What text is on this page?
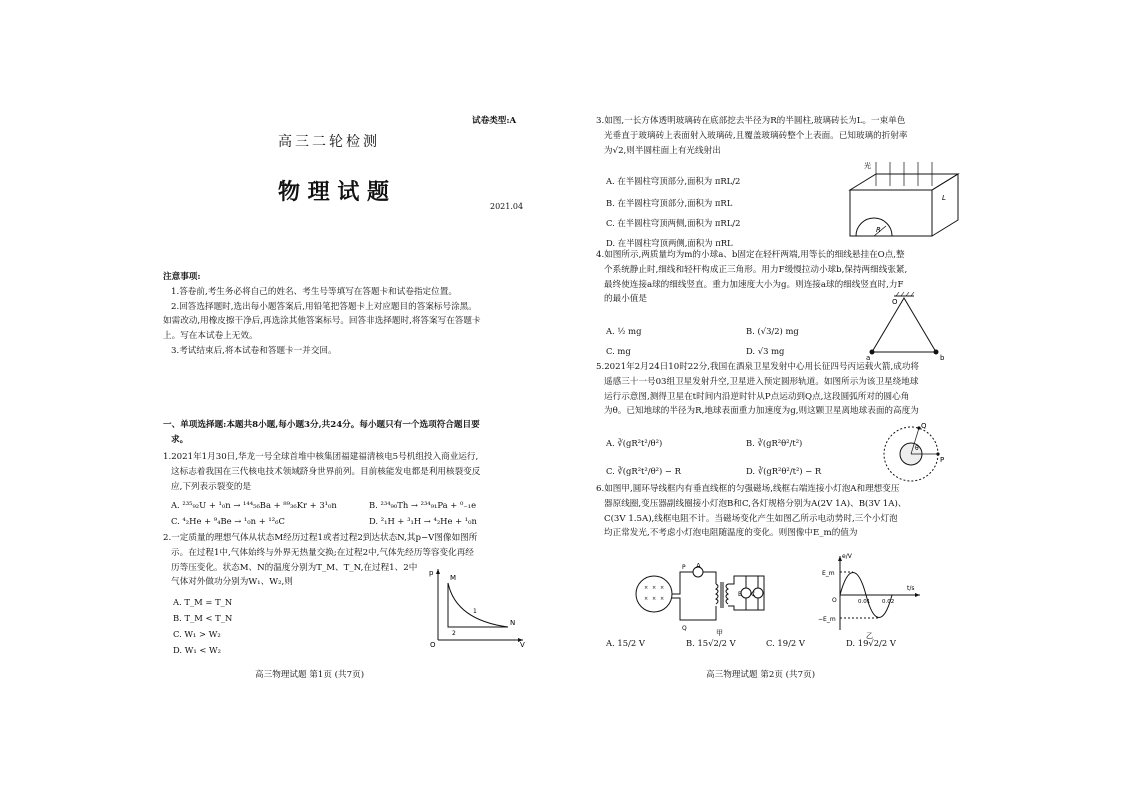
试卷类型:A
高三二轮检测
物 理 试 题
2021.04
注意事项:
1.答卷前,考生务必将自己的姓名、考生号等填写在答题卡和试卷指定位置。
2.回答选择题时,选出每小题答案后,用铅笔把答题卡上对应题目的答案标号涂黑。
如需改动,用橡皮擦干净后,再选涂其他答案标号。回答非选择题时,将答案写在答题卡
上。写在本试卷上无效。
3.考试结束后,将本试卷和答题卡一并交回。
一、单项选择题:本题共8小题,每小题3分,共24分。每小题只有一个选项符合题目要
求。
1.2021年1月30日,华龙一号全球首堆中核集团福建福清核电5号机组投入商业运行,
这标志着我国在三代核电技术领域跻身世界前列。目前核能发电都是利用核裂变反
应,下列表示裂变的是
A. ²³⁵₉₂U + ¹₀n → ¹⁴⁴₅₆Ba + ⁸⁹₃₆Kr + 3¹₀n	B. ²³⁴₉₀Th → ²³⁴₉₁Pa + ⁰₋₁e
C. ⁴₂He + ⁹₄Be → ¹₀n + ¹²₆C	D. ²₁H + ³₁H → ⁴₂He + ¹₀n
2.一定质量的理想气体从状态M经历过程1或者过程2到达状态N,其p−V图像如图所
示。在过程1中,气体始终与外界无热量交换;在过程2中,气体先经历等容变化再经
历等压变化。状态M、N的温度分别为T_M、T_N,在过程1、2中
气体对外做功分别为W₁、W₂,则
A. T_M = T_N
B. T_M < T_N
C. W₁ > W₂
D. W₁ < W₂
p
V
O
M
N
1
2
高三物理试题 第1页 (共7页)
3.如图,一长方体透明玻璃砖在底部挖去半径为R的半圆柱,玻璃砖长为L。一束单色
光垂直于玻璃砖上表面射入玻璃砖,且覆盖玻璃砖整个上表面。已知玻璃的折射率
为√2,则半圆柱面上有光线射出
A. 在半圆柱穹顶部分,面积为 πRL/2
B. 在半圆柱穹顶部分,面积为 πRL
C. 在半圆柱穹顶两侧,面积为 πRL/2
D. 在半圆柱穹顶两侧,面积为 πRL
光
R
L
4.如图所示,两质量均为m的小球a、b固定在轻杆两端,用等长的细线悬挂在O点,整
个系统静止时,细线和轻杆构成正三角形。用力F缓慢拉动小球b,保持两细线张紧,
最终使连接a球的细线竖直。重力加速度大小为g。则连接a球的细线竖直时,力F
的最小值是
A. ½ mg	B. (√3/2) mg
C. mg	D. √3 mg
O
a	b
5.2021年2月24日10时22分,我国在酒泉卫星发射中心用长征四号丙运载火箭,成功将
遥感三十一号03组卫星发射升空,卫星进入预定圆形轨道。如图所示为该卫星绕地球
运行示意图,测得卫星在t时间内沿逆时针从P点运动到Q点,这段圆弧所对的圆心角
为θ。已知地球的半径为R,地球表面重力加速度为g,则这颗卫星离地球表面的高度为
A. ∛(gR²t²/θ²)	B. ∛(gR²θ²/t²)
C. ∛(gR²t²/θ²) − R	D. ∛(gR²θ²/t²) − R
Q
P
θ
6.如图甲,圆环导线框内有垂直线框的匀强磁场,线框右端连接小灯泡A和理想变压
器原线圈,变压器副线圈接小灯泡B和C,各灯规格分别为A(2V 1A)、B(3V 1A)、
C(3V 1.5A),线框电阻不计。当磁场变化产生如图乙所示电动势时,三个小灯泡
均正常发光,不考虑小灯泡电阻随温度的变化。则图像中E_m的值为
× × ×
× × ×
A
B C
P
Q
甲
e/V
E_m
−E_m
t/s
0.01 0.02
O
乙
A. 15/2 V	B. 15√2/2 V	C. 19/2 V	D. 19√2/2 V
高三物理试题 第2页 (共7页)
